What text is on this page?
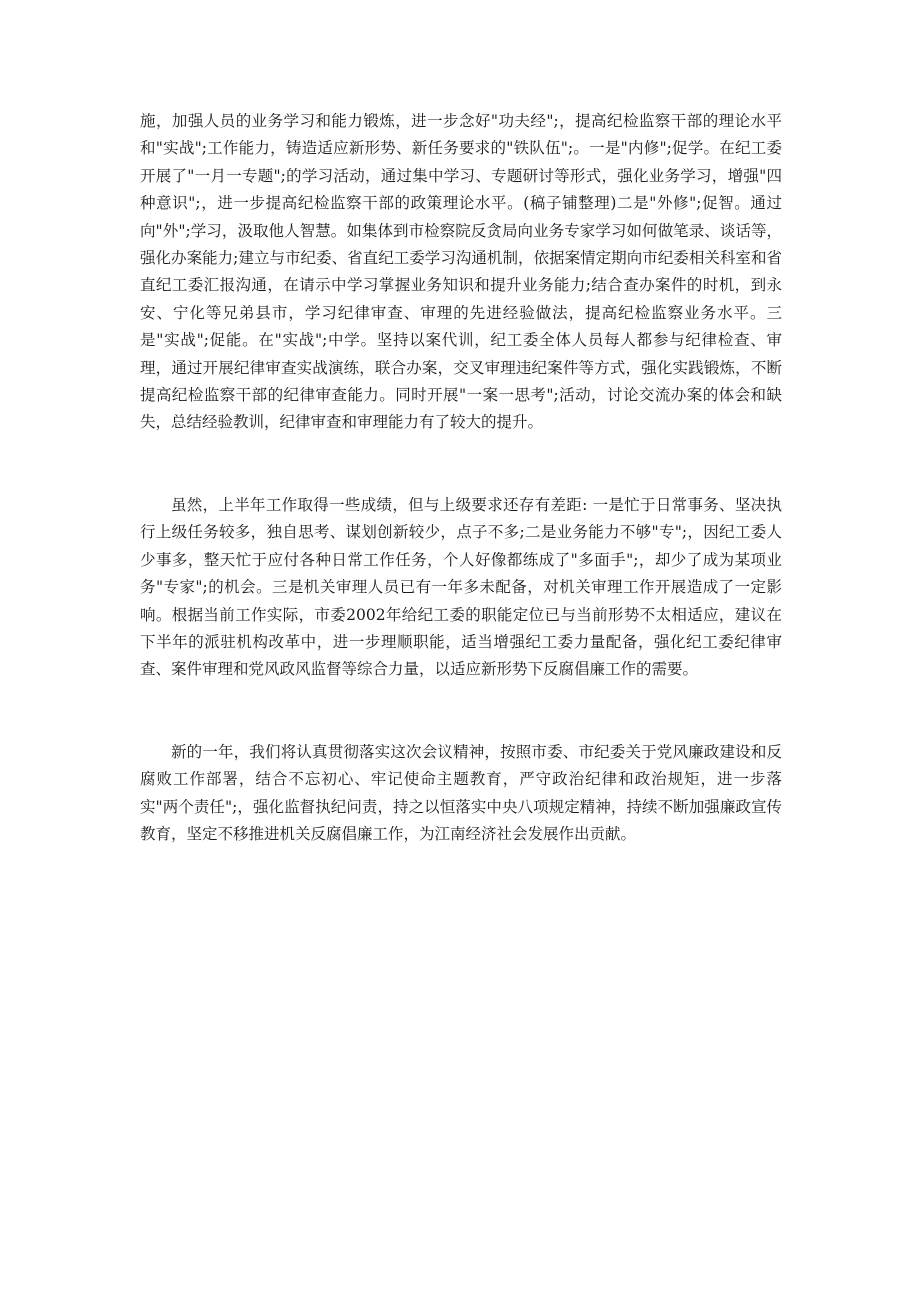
施，加强人员的业务学习和能力锻炼，进一步念好"功夫经";，提高纪检监察干部的理论水平和"实战";工作能力，铸造适应新形势、新任务要求的"铁队伍";。一是"内修";促学。在纪工委开展了"一月一专题";的学习活动，通过集中学习、专题研讨等形式，强化业务学习，增强"四种意识";，进一步提高纪检监察干部的政策理论水平。(稿子铺整理)二是"外修";促智。通过向"外";学习，汲取他人智慧。如集体到市检察院反贪局向业务专家学习如何做笔录、谈话等，强化办案能力;建立与市纪委、省直纪工委学习沟通机制，依据案情定期向市纪委相关科室和省直纪工委汇报沟通，在请示中学习掌握业务知识和提升业务能力;结合查办案件的时机，到永安、宁化等兄弟县市，学习纪律审查、审理的先进经验做法，提高纪检监察业务水平。三是"实战";促能。在"实战";中学。坚持以案代训，纪工委全体人员每人都参与纪律检查、审理，通过开展纪律审查实战演练，联合办案，交叉审理违纪案件等方式，强化实践锻炼，不断提高纪检监察干部的纪律审查能力。同时开展"一案一思考";活动，讨论交流办案的体会和缺失，总结经验教训，纪律审查和审理能力有了较大的提升。

虽然，上半年工作取得一些成绩，但与上级要求还存有差距: 一是忙于日常事务、坚决执行上级任务较多，独自思考、谋划创新较少，点子不多;二是业务能力不够"专";，因纪工委人少事多，整天忙于应付各种日常工作任务，个人好像都练成了"多面手";，却少了成为某项业务"专家";的机会。三是机关审理人员已有一年多未配备，对机关审理工作开展造成了一定影响。根据当前工作实际，市委2002年给纪工委的职能定位已与当前形势不太相适应，建议在下半年的派驻机构改革中，进一步理顺职能，适当增强纪工委力量配备，强化纪工委纪律审查、案件审理和党风政风监督等综合力量，以适应新形势下反腐倡廉工作的需要。

新的一年，我们将认真贯彻落实这次会议精神，按照市委、市纪委关于党风廉政建设和反腐败工作部署，结合不忘初心、牢记使命主题教育，严守政治纪律和政治规矩，进一步落实"两个责任";，强化监督执纪问责，持之以恒落实中央八项规定精神，持续不断加强廉政宣传教育，坚定不移推进机关反腐倡廉工作，为江南经济社会发展作出贡献。
